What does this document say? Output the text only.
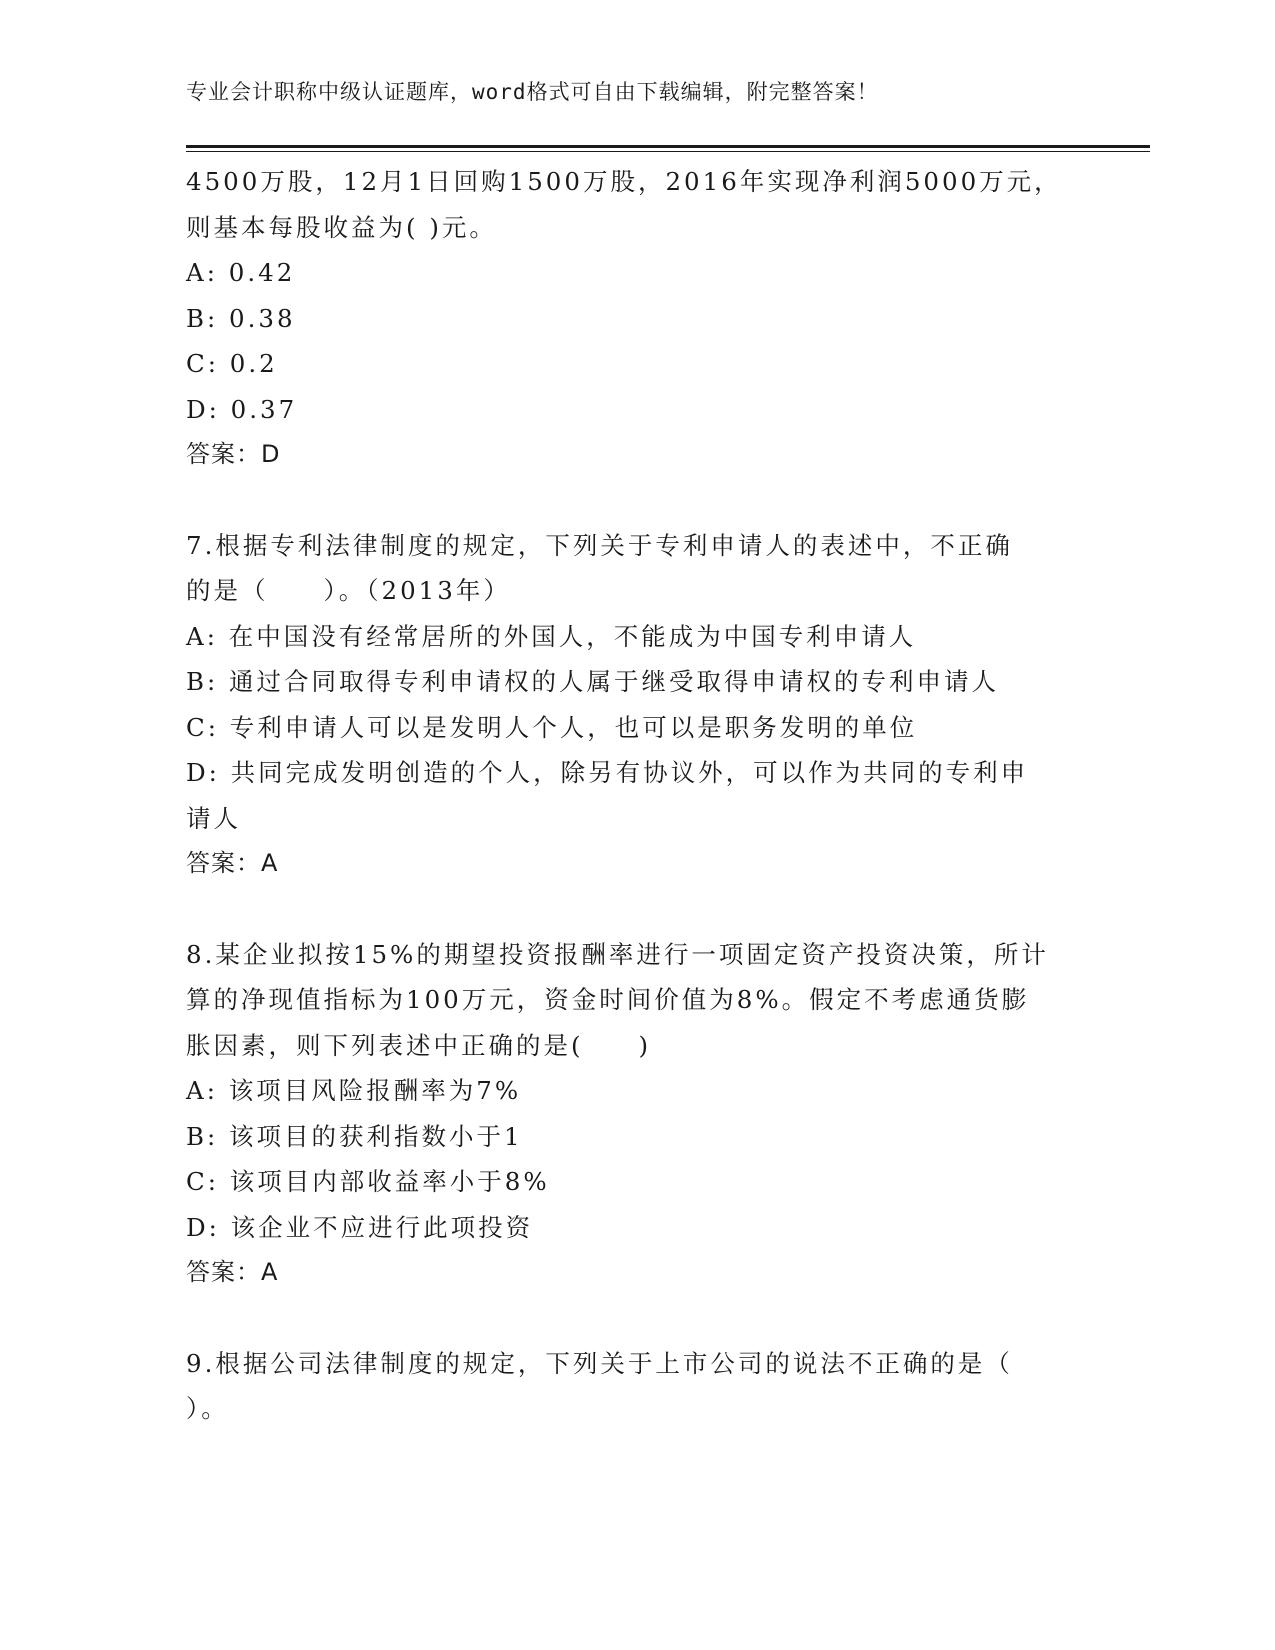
专业会计职称中级认证题库，word格式可自由下载编辑，附完整答案！
4500万股，12月1日回购1500万股，2016年实现净利润5000万元，
则基本每股收益为( )元。
A: 0.42
B: 0.38
C: 0.2
D: 0.37
答案：D
7.根据专利法律制度的规定，下列关于专利申请人的表述中，不正确
的是（　　）。（2013年）
A: 在中国没有经常居所的外国人，不能成为中国专利申请人
B: 通过合同取得专利申请权的人属于继受取得申请权的专利申请人
C: 专利申请人可以是发明人个人，也可以是职务发明的单位
D: 共同完成发明创造的个人，除另有协议外，可以作为共同的专利申
请人
答案：A
8.某企业拟按15%的期望投资报酬率进行一项固定资产投资决策，所计
算的净现值指标为100万元，资金时间价值为8%。假定不考虑通货膨
胀因素，则下列表述中正确的是(　　)
A: 该项目风险报酬率为7%
B: 该项目的获利指数小于1
C: 该项目内部收益率小于8%
D: 该企业不应进行此项投资
答案：A
9.根据公司法律制度的规定，下列关于上市公司的说法不正确的是（
）。
